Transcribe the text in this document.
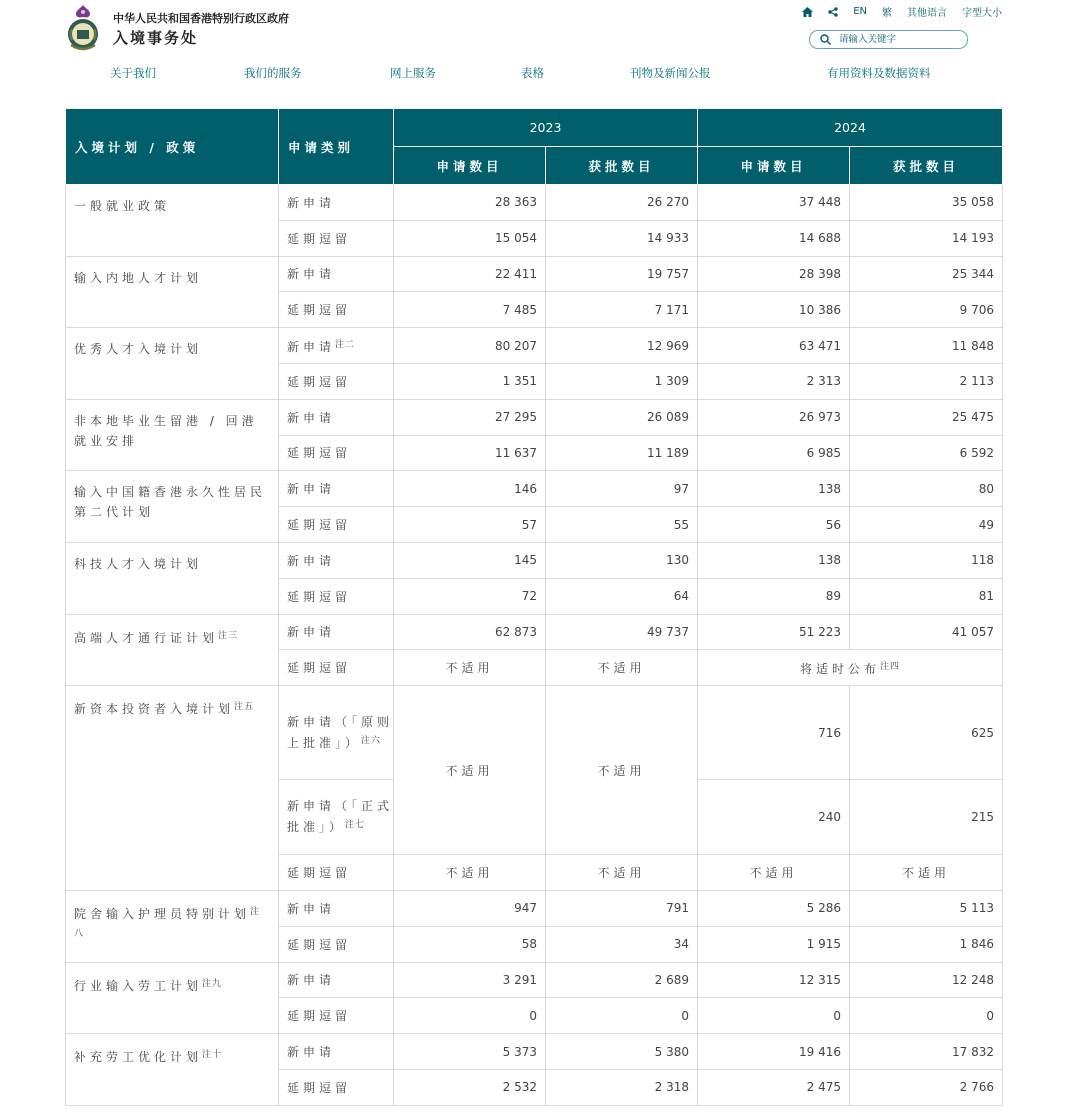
中华人民共和国香港特别行政区政府
入境事务处
EN 繁 其他语言 字型大小
请输入关键字
关于我们	我们的服务	网上服务	表格	刊物及新闻公报	有用资料及数据资料
入境计划 / 政策	申请类别	2023		2024	
		申请数目	获批数目	申请数目	获批数目
一般就业政策	新申请	28 363	26 270	37 448	35 058
	延期逗留	15 054	14 933	14 688	14 193
输入内地人才计划	新申请	22 411	19 757	28 398	25 344
	延期逗留	7 485	7 171	10 386	9 706
优秀人才入境计划	新申请$^{注二}$	80 207	12 969	63 471	11 848
	延期逗留	1 351	1 309	2 313	2 113
非本地毕业生留港 / 回港就业安排	新申请	27 295	26 089	26 973	25 475
	延期逗留	11 637	11 189	6 985	6 592
输入中国籍香港永久性居民第二代计划	新申请	146	97	138	80
	延期逗留	57	55	56	49
科技人才入境计划	新申请	145	130	138	118
	延期逗留	72	64	89	81
高端人才通行证计划$^{注三}$	新申请	62 873	49 737	51 223	41 057
	延期逗留	不适用	不适用	将适时公布$^{注四}$
新资本投资者入境计划$^{注五}$	新申请（「原则上批准」）$^{注六}$	不适用	不适用	716	625
	新申请（「正式批准」）$^{注七}$			240	215
	延期逗留	不适用	不适用	不适用	不适用
院舍输入护理员特别计划$^{注八}$	新申请	947	791	5 286	5 113
	延期逗留	58	34	1 915	1 846
行业输入劳工计划$^{注九}$	新申请	3 291	2 689	12 315	12 248
	延期逗留	0	0	0	0
补充劳工优化计划$^{注十}$	新申请	5 373	5 380	19 416	17 832
	延期逗留	2 532	2 318	2 475	2 766
